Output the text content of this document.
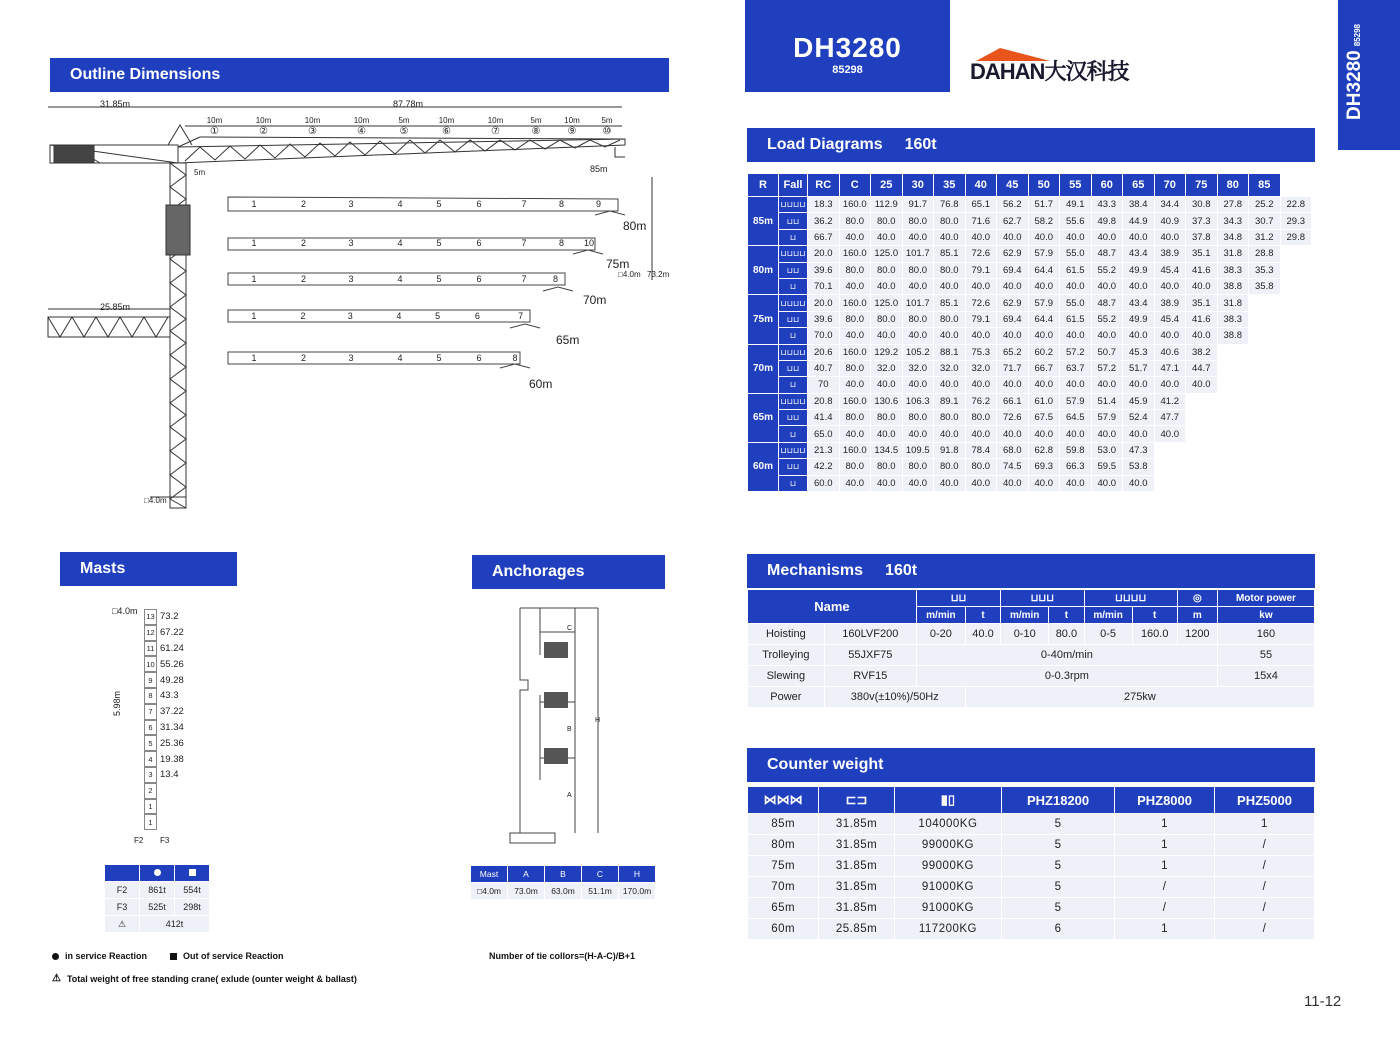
Outline Dimensions
31.85m	87.78m
10m	10m	10m	10m	5m	10m	10m	5m	10m	5m
①	②	③	④	⑤	⑥	⑦	⑧	⑨	⑩
5m	85m
25.85m
□4.0m
□4.0m 73.2m
1	2	3	4	5	6	7	8	9
80m
1	2	3	4	5	6	7	8	10
75m
1	2	3	4	5	6	7	8
70m
1	2	3	4	5	6	7
65m
1	2	3	4	5	6	8
60m
DH3280
85298	DAHAN大汉科技	DH328085298
Load Diagrams 160t
R	Fall	RC	C	25	30	35	40	45	50	55	60	65	70	75	80	85	
85m	⊔⊔⊔⊔	18.3	160.0	112.9	91.7	76.8	65.1	56.2	51.7	49.1	43.3	38.4	34.4	30.8	27.8	25.2	22.8
	⊔⊔	36.2	80.0	80.0	80.0	80.0	71.6	62.7	58.2	55.6	49.8	44.9	40.9	37.3	34.3	30.7	29.3
	⊔	66.7	40.0	40.0	40.0	40.0	40.0	40.0	40.0	40.0	40.0	40.0	40.0	37.8	34.8	31.2	29.8
80m	⊔⊔⊔⊔	20.0	160.0	125.0	101.7	85.1	72.6	62.9	57.9	55.0	48.7	43.4	38.9	35.1	31.8	28.8	
	⊔⊔	39.6	80.0	80.0	80.0	80.0	79.1	69.4	64.4	61.5	55.2	49.9	45.4	41.6	38.3	35.3	
	⊔	70.1	40.0	40.0	40.0	40.0	40.0	40.0	40.0	40.0	40.0	40.0	40.0	40.0	38.8	35.8	
75m	⊔⊔⊔⊔	20.0	160.0	125.0	101.7	85.1	72.6	62.9	57.9	55.0	48.7	43.4	38.9	35.1	31.8		
	⊔⊔	39.6	80.0	80.0	80.0	80.0	79.1	69.4	64.4	61.5	55.2	49.9	45.4	41.6	38.3		
	⊔	70.0	40.0	40.0	40.0	40.0	40.0	40.0	40.0	40.0	40.0	40.0	40.0	40.0	38.8		
70m	⊔⊔⊔⊔	20.6	160.0	129.2	105.2	88.1	75.3	65.2	60.2	57.2	50.7	45.3	40.6	38.2			
	⊔⊔	40.7	80.0	32.0	32.0	32.0	32.0	71.7	66.7	63.7	57.2	51.7	47.1	44.7			
	⊔	70	40.0	40.0	40.0	40.0	40.0	40.0	40.0	40.0	40.0	40.0	40.0	40.0			
65m	⊔⊔⊔⊔	20.8	160.0	130.6	106.3	89.1	76.2	66.1	61.0	57.9	51.4	45.9	41.2				
	⊔⊔	41.4	80.0	80.0	80.0	80.0	80.0	72.6	67.5	64.5	57.9	52.4	47.7				
	⊔	65.0	40.0	40.0	40.0	40.0	40.0	40.0	40.0	40.0	40.0	40.0	40.0				
60m	⊔⊔⊔⊔	21.3	160.0	134.5	109.5	91.8	78.4	68.0	62.8	59.8	53.0	47.3					
	⊔⊔	42.2	80.0	80.0	80.0	80.0	80.0	74.5	69.3	66.3	59.5	53.8					
	⊔	60.0	40.0	40.0	40.0	40.0	40.0	40.0	40.0	40.0	40.0	40.0					
Masts
□4.0m
13 73.2
12 67.22
11 61.24
10 55.26
9 49.28
8 43.3
7 37.22
6 31.34
5 25.36
4 19.38
3 13.4
2
1
1
5.98m
F2 F3

F2	861t	554t
F3	525t	298t
⚠	412t	
Anchorages
C
B
A
H
Mast	A	B	C	H
□4.0m	73.0m	63.0m	51.1m	170.0m
in service Reaction	Out of service Reaction
⚠ Total weight of free standing crane( exlude (ounter weight & ballast)
Number of tie collors=(H-A-C)/B+1
Mechanisms 160t
Name		⊔⊔		⊔⊔⊔		⊔⊔⊔⊔		◎	Motor power
		m/min	t	m/min	t	m/min	t	m	kw
Hoisting	160LVF200	0-20	40.0	0-10	80.0	0-5	160.0	1200	160
Trolleying	55JXF75	0-40m/min							55
Slewing	RVF15	0-0.3rpm							15x4
Power	380v(±10%)/50Hz		275kw						
Counter weight
⋈⋈⋈	⊏⊐	▮▯	PHZ18200	PHZ8000	PHZ5000
85m	31.85m	104000KG	5	1	1
80m	31.85m	99000KG	5	1	/
75m	31.85m	99000KG	5	1	/
70m	31.85m	91000KG	5	/	/
65m	31.85m	91000KG	5	/	/
60m	25.85m	117200KG	6	1	/
11-12
